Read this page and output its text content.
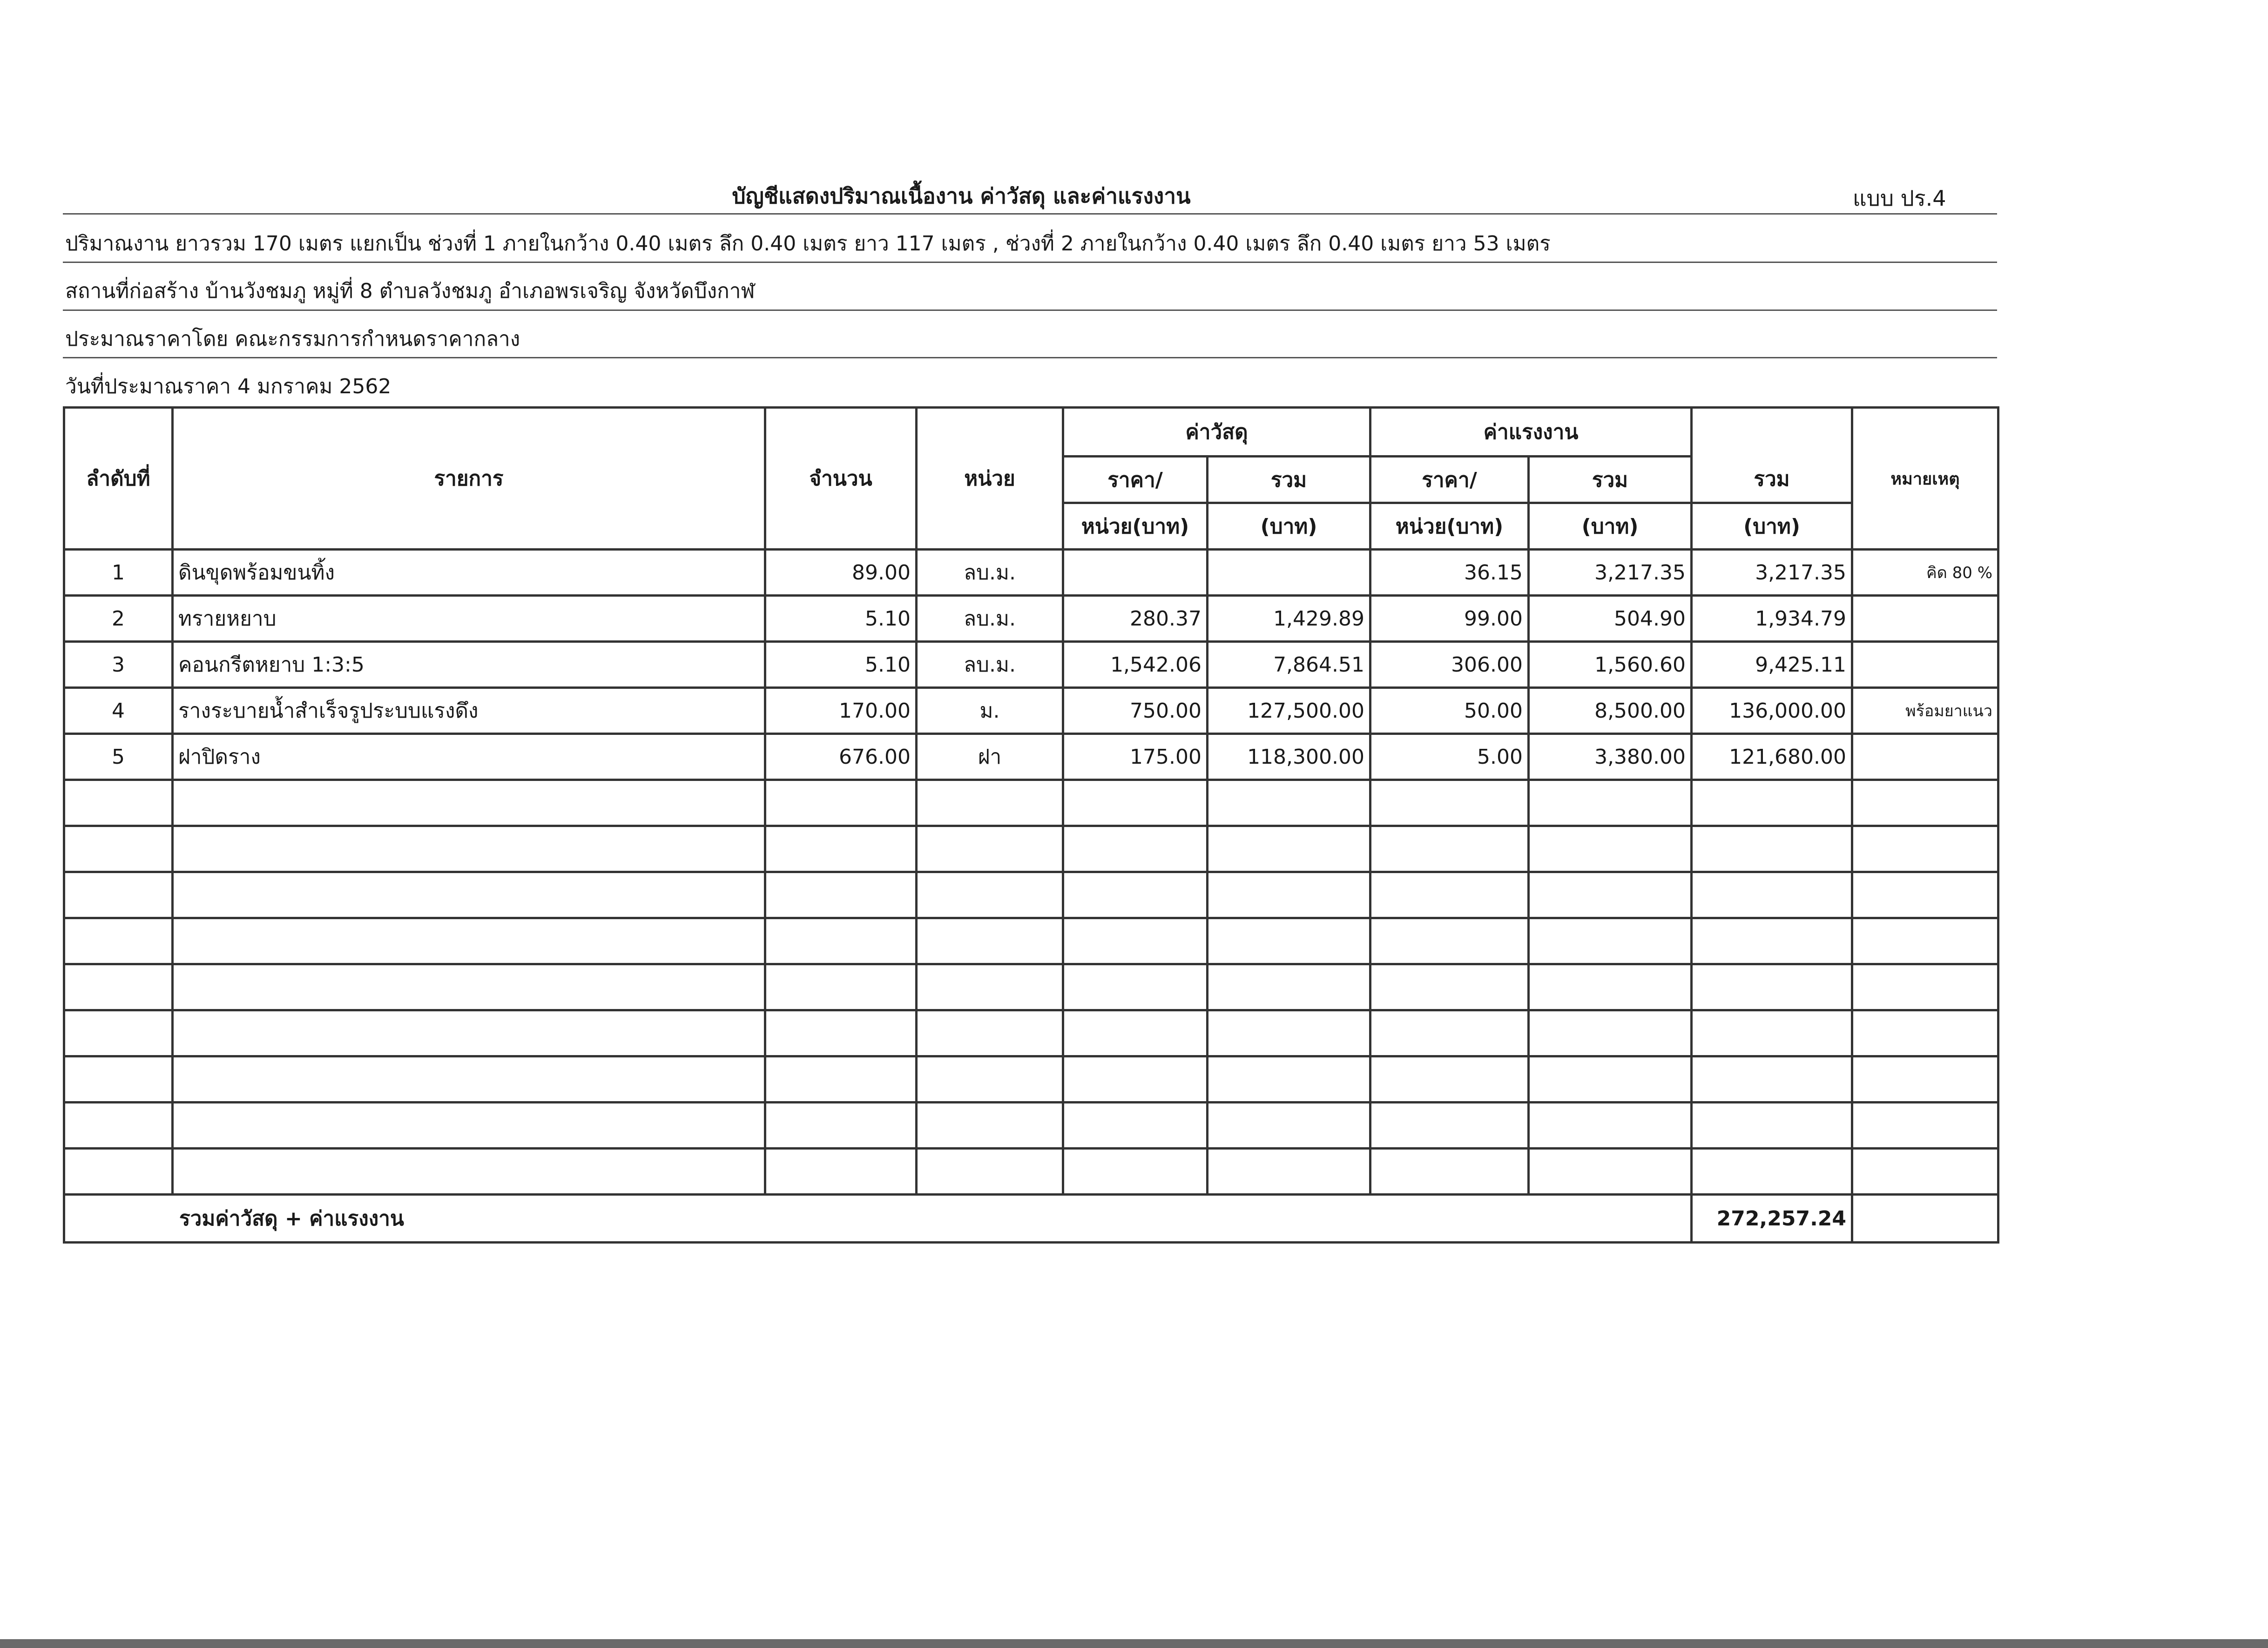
บัญชีแสดงปริมาณเนื้องาน ค่าวัสดุ และค่าแรงงาน	แบบ ปร.4
ปริมาณงาน ยาวรวม 170 เมตร แยกเป็น ช่วงที่ 1 ภายในกว้าง 0.40 เมตร ลึก 0.40 เมตร ยาว 117 เมตร , ช่วงที่ 2 ภายในกว้าง 0.40 เมตร ลึก 0.40 เมตร ยาว 53 เมตร
สถานที่ก่อสร้าง บ้านวังชมภู หมู่ที่ 8 ตำบลวังชมภู อำเภอพรเจริญ จังหวัดบึงกาฬ
ประมาณราคาโดย คณะกรรมการกำหนดราคากลาง
วันที่ประมาณราคา 4 มกราคม 2562
ลำดับที่	รายการ	จำนวน	หน่วย	ค่าวัสดุ		ค่าแรงงาน			หมายเหตุ
				ราคา/	รวม	ราคา/	รวม	รวม	
				หน่วย(บาท)	(บาท)	หน่วย(บาท)	(บาท)	(บาท)	
1	ดินขุดพร้อมขนทิ้ง	89.00	ลบ.ม.			36.15	3,217.35	3,217.35	คิด 80 %
2	ทรายหยาบ	5.10	ลบ.ม.	280.37	1,429.89	99.00	504.90	1,934.79	
3	คอนกรีตหยาบ 1:3:5	5.10	ลบ.ม.	1,542.06	7,864.51	306.00	1,560.60	9,425.11	
4	รางระบายน้ำสำเร็จรูประบบแรงดึง	170.00	ม.	750.00	127,500.00	50.00	8,500.00	136,000.00	พร้อมยาแนว
5	ฝาปิดราง	676.00	ฝา	175.00	118,300.00	5.00	3,380.00	121,680.00	

รวมค่าวัสดุ + ค่าแรงงาน								272,257.24	
